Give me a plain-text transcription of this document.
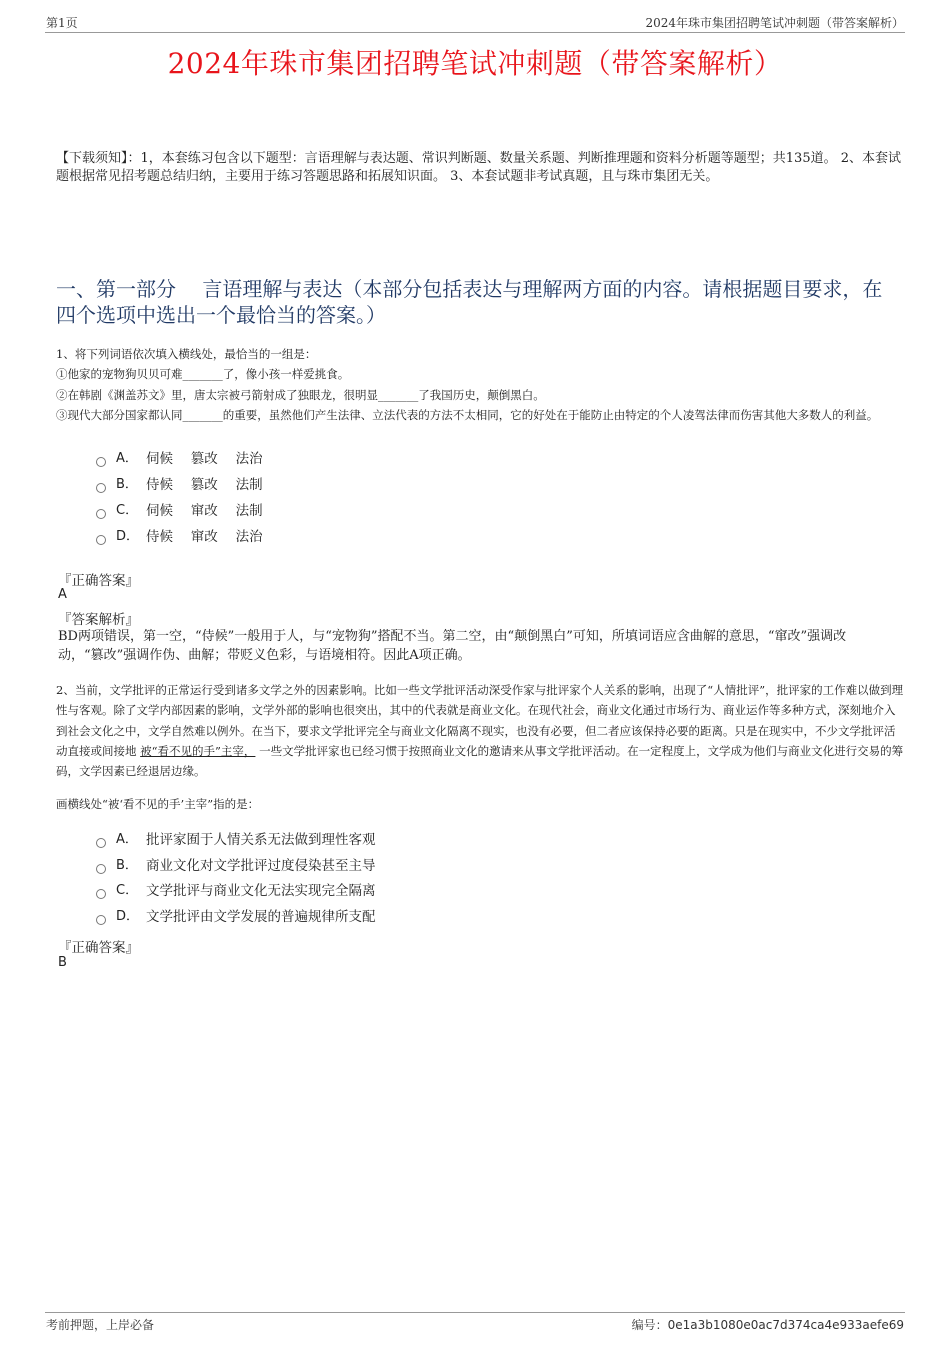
第1页	2024年珠市集团招聘笔试冲刺题（带答案解析）
2024年珠市集团招聘笔试冲刺题（带答案解析）
【下载须知】：1，本套练习包含以下题型：言语理解与表达题、常识判断题、数量关系题、判断推理题和资料分析题等题型；共135道。 2、本套试题根据常见招考题总结归纳，主要用于练习答题思路和拓展知识面。 3、本套试题非考试真题，且与珠市集团无关。
一、第一部分　 言语理解与表达（本部分包括表达与理解两方面的内容。请根据题目要求，在四个选项中选出一个最恰当的答案。）
1、将下列词语依次填入横线处，最恰当的一组是：
①他家的宠物狗贝贝可难_______了，像小孩一样爱挑食。
②在韩剧《渊盖苏文》里，唐太宗被弓箭射成了独眼龙，很明显_______了我国历史，颠倒黑白。
③现代大部分国家都认同_______的重要，虽然他们产生法律、立法代表的方法不太相同，它的好处在于能防止由特定的个人凌驾法律而伤害其他大多数人的利益。
A． 伺候　 篡改　 法治
B． 侍候　 篡改　 法制
C． 伺候　 窜改　 法制
D． 侍候　 窜改　 法治
『正确答案』
A
『答案解析』
BD两项错误，第一空，“侍候”一般用于人，与“宠物狗”搭配不当。第二空，由“颠倒黑白”可知，所填词语应含曲解的意思，“窜改”强调改动，“篡改”强调作伪、曲解；带贬义色彩，与语境相符。因此A项正确。
2、当前，文学批评的正常运行受到诸多文学之外的因素影响。比如一些文学批评活动深受作家与批评家个人关系的影响，出现了“人情批评”，批评家的工作难以做到理性与客观。除了文学内部因素的影响，文学外部的影响也很突出，其中的代表就是商业文化。在现代社会，商业文化通过市场行为、商业运作等多种方式，深刻地介入到社会文化之中，文学自然难以例外。在当下，要求文学批评完全与商业文化隔离不现实，也没有必要，但二者应该保持必要的距离。只是在现实中，不少文学批评活动直接或间接地 被“看不见的手”主宰， 一些文学批评家也已经习惯于按照商业文化的邀请来从事文学批评活动。在一定程度上，文学成为他们与商业文化进行交易的筹码，文学因素已经退居边缘。
画横线处“被‘看不见的手’主宰”指的是：
A． 批评家囿于人情关系无法做到理性客观
B． 商业文化对文学批评过度侵染甚至主导
C． 文学批评与商业文化无法实现完全隔离
D． 文学批评由文学发展的普遍规律所支配
『正确答案』
B
考前押题，上岸必备	编号：0e1a3b1080e0ac7d374ca4e933aefe69
